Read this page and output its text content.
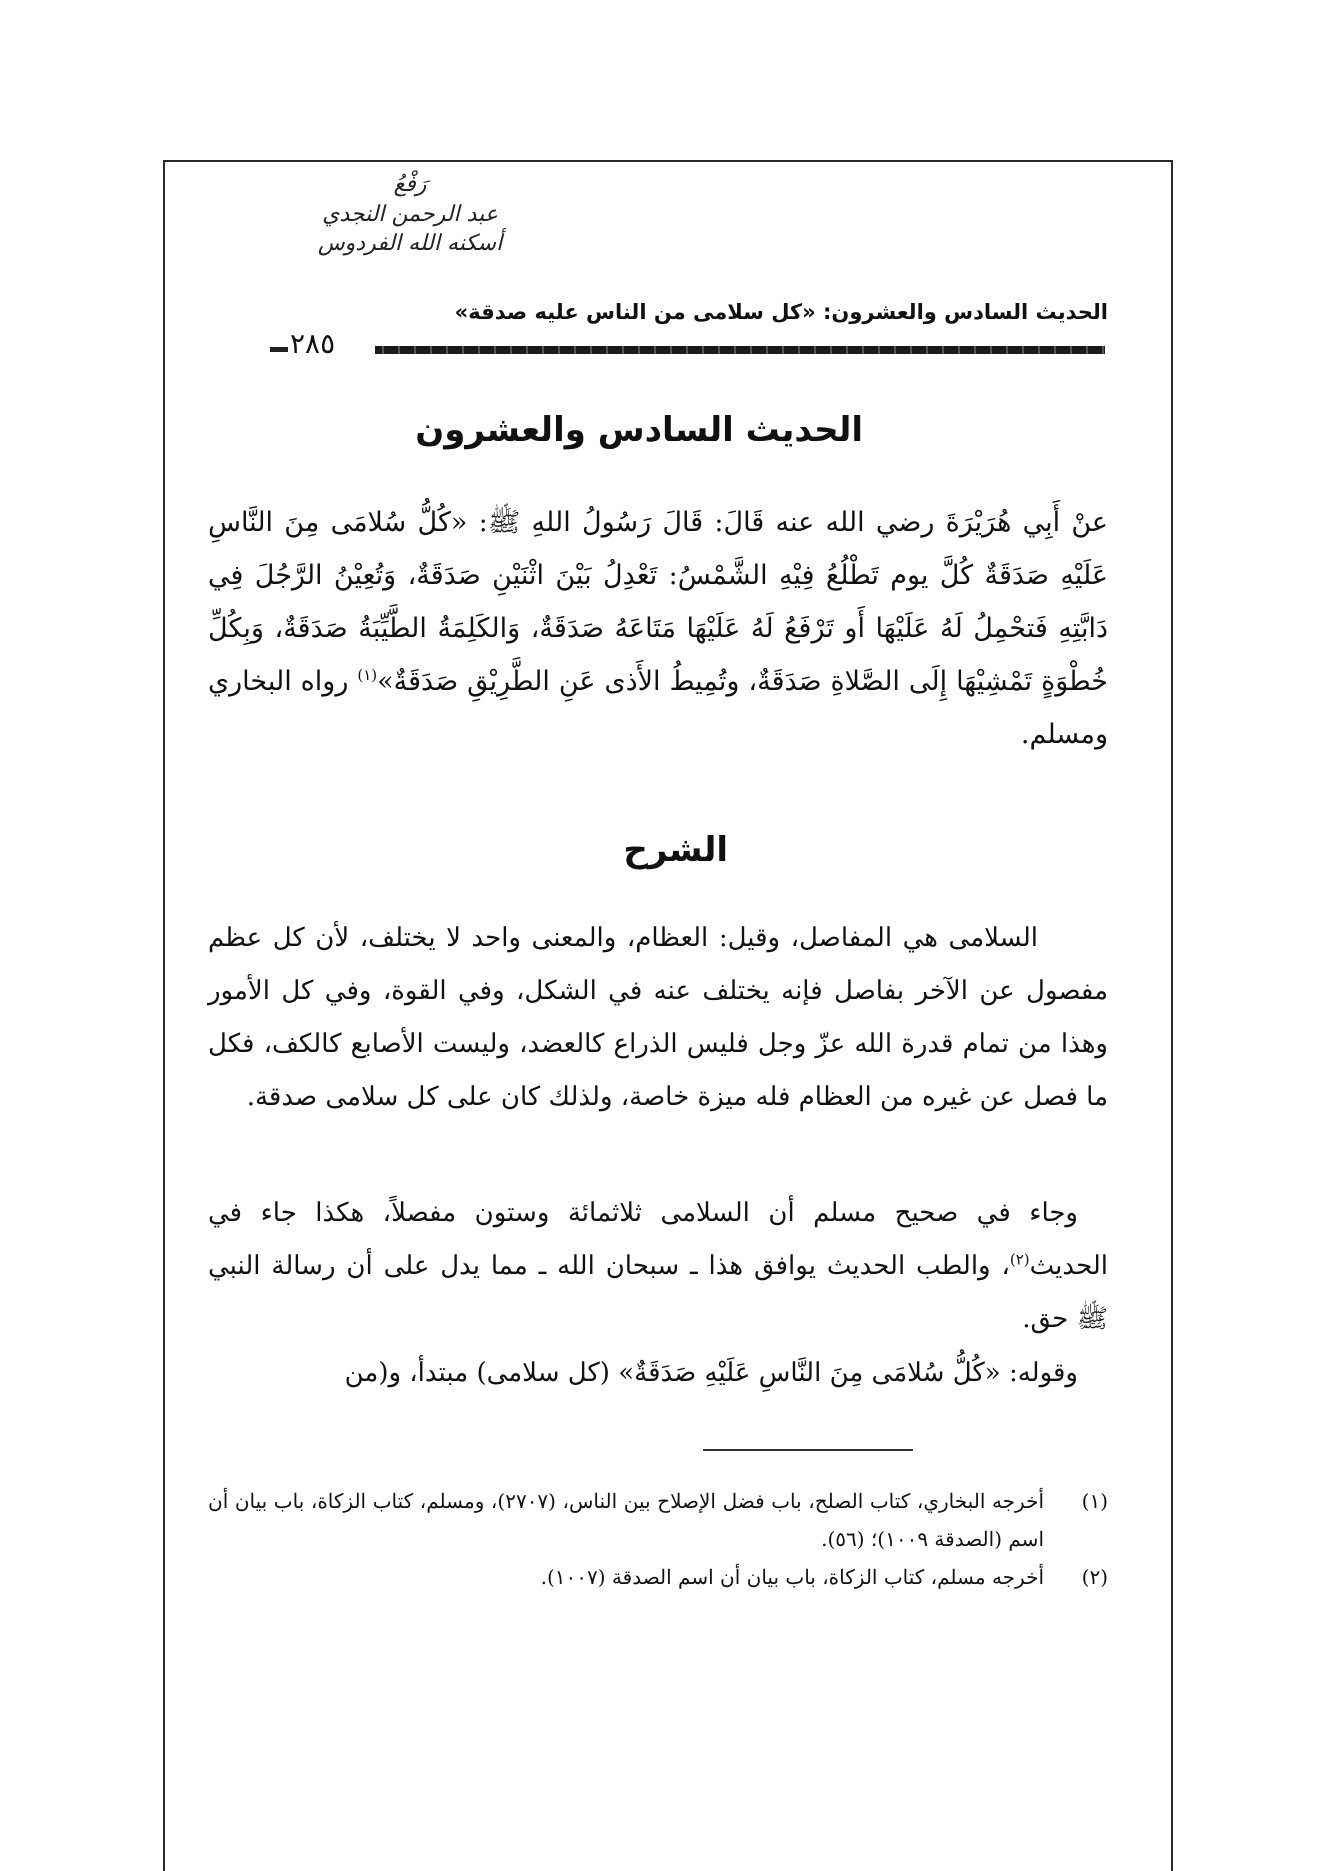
رَفْعُ
عبد الرحمن النجدي
أسكنه الله الفردوس
الحديث السادس والعشرون: «كل سلامى من الناس عليه صدقة»
٢٨٥
الحديث السادس والعشرون
عنْ أَبِي هُرَيْرَةَ رضي الله عنه قَالَ: قَالَ رَسُولُ اللهِ ﷺ: «كُلُّ سُلامَى مِنَ النَّاسِ عَلَيْهِ صَدَقَةٌ كُلَّ يوم تَطْلُعُ فِيْهِ الشَّمْسُ: تَعْدِلُ بَيْنَ اثْنَيْنِ صَدَقَةٌ، وَتُعِيْنُ الرَّجُلَ فِي دَابَّتِهِ فَتحْمِلُ لَهُ عَلَيْهَا أَو تَرْفَعُ لَهُ عَلَيْهَا مَتَاعَهُ صَدَقَةٌ، وَالكَلِمَةُ الطَّيِّبَةُ صَدَقَةٌ، وَبِكُلِّ خُطْوَةٍ تَمْشِيْهَا إِلَى الصَّلاةِ صَدَقَةٌ، وتُمِيطُ الأَذى عَنِ الطَّرِيْقِ صَدَقَةٌ»$^{(١)}$ رواه البخاري ومسلم.
الشرح
السلامى هي المفاصل، وقيل: العظام، والمعنى واحد لا يختلف، لأن كل عظم مفصول عن الآخر بفاصل فإنه يختلف عنه في الشكل، وفي القوة، وفي كل الأمور وهذا من تمام قدرة الله عزّ وجل فليس الذراع كالعضد، وليست الأصابع كالكف، فكل ما فصل عن غيره من العظام فله ميزة خاصة، ولذلك كان على كل سلامى صدقة.
وجاء في صحيح مسلم أن السلامى ثلاثمائة وستون مفصلاً، هكذا جاء في الحديث$^{(٢)}$، والطب الحديث يوافق هذا ـ سبحان الله ـ مما يدل على أن رسالة النبي ﷺ حق.
وقوله: «كُلُّ سُلامَى مِنَ النَّاسِ عَلَيْهِ صَدَقَةٌ» (كل سلامى) مبتدأ، و(من
(١)
أخرجه البخاري، كتاب الصلح، باب فضل الإصلاح بين الناس، (٢٧٠٧)، ومسلم، كتاب الزكاة، باب بيان أن اسم (الصدقة ١٠٠٩)؛ (٥٦).
(٢)
أخرجه مسلم، كتاب الزكاة، باب بيان أن اسم الصدقة (١٠٠٧).
